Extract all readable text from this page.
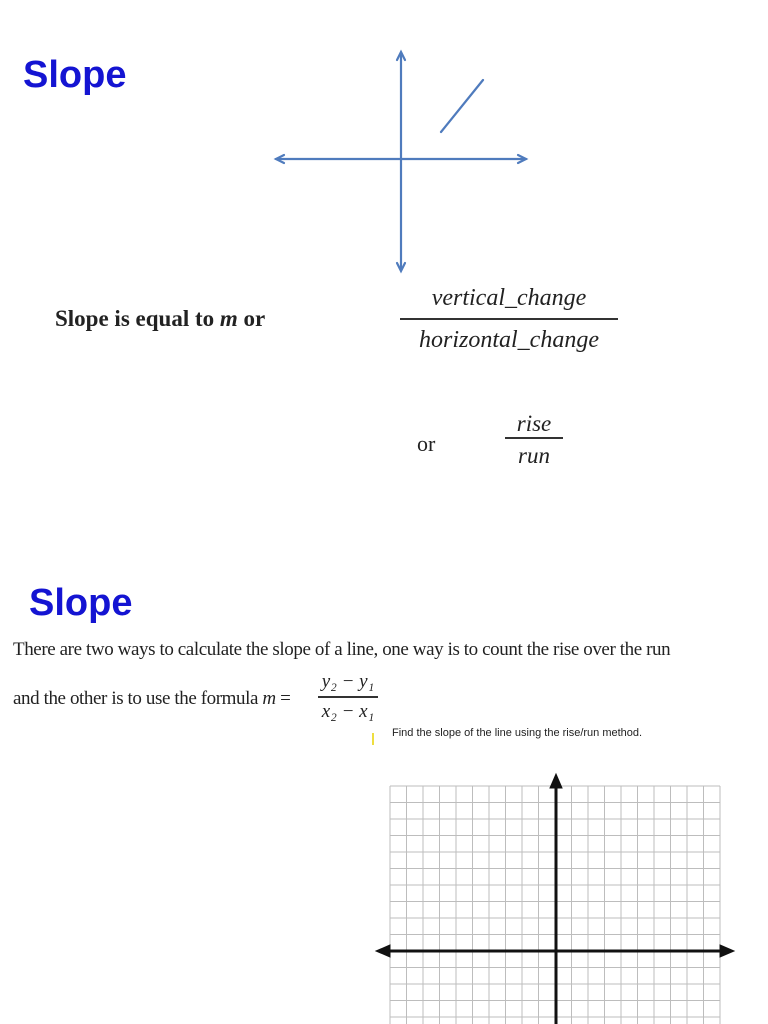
Slope
Slope is equal to m or
vertical_change
horizontal_change
or
rise
run
Slope
There are two ways to calculate the slope of a line, one way is to count the rise over the run
and the other is to use the formula m =
y₂ − y₁
x₂ − x₁
Find the slope of the line using the rise/run method.
